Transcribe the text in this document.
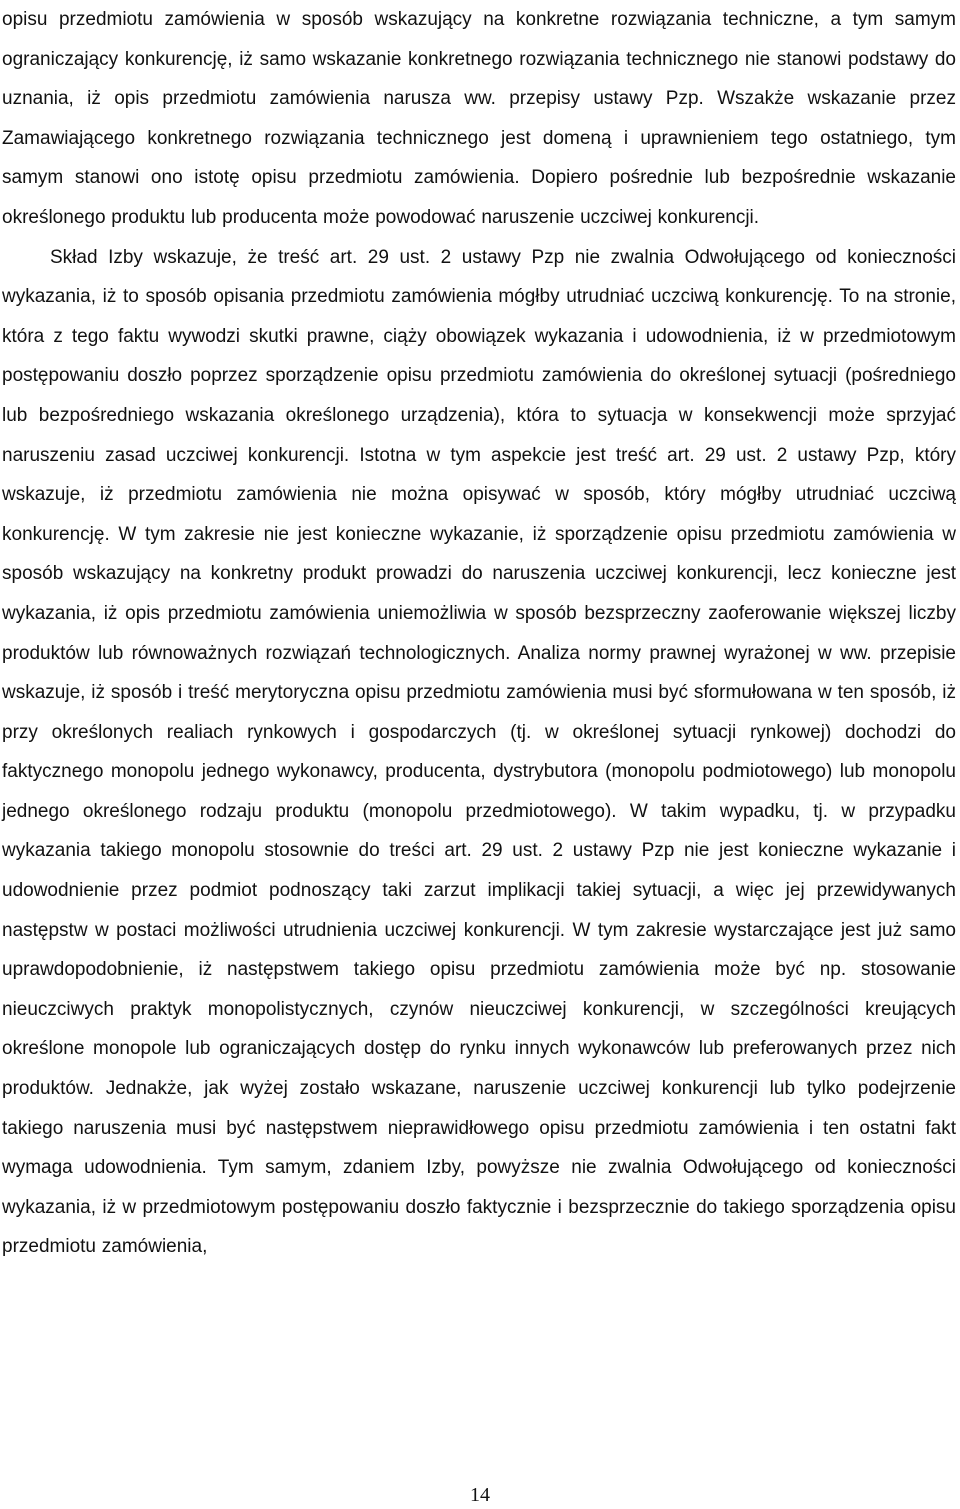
opisu przedmiotu zamówienia w sposób wskazujący na konkretne rozwiązania techniczne, a tym samym ograniczający konkurencję, iż samo wskazanie konkretnego rozwiązania technicznego nie stanowi podstawy do uznania, iż opis przedmiotu zamówienia narusza ww. przepisy ustawy Pzp. Wszakże wskazanie przez Zamawiającego konkretnego rozwiązania technicznego jest domeną i uprawnieniem tego ostatniego, tym samym stanowi ono istotę opisu przedmiotu zamówienia. Dopiero pośrednie lub bezpośrednie wskazanie określonego produktu lub producenta może powodować naruszenie uczciwej konkurencji.

Skład Izby wskazuje, że treść art. 29 ust. 2 ustawy Pzp nie zwalnia Odwołującego od konieczności wykazania, iż to sposób opisania przedmiotu zamówienia mógłby utrudniać uczciwą konkurencję. To na stronie, która z tego faktu wywodzi skutki prawne, ciąży obowiązek wykazania i udowodnienia, iż w przedmiotowym postępowaniu doszło poprzez sporządzenie opisu przedmiotu zamówienia do określonej sytuacji (pośredniego lub bezpośredniego wskazania określonego urządzenia), która to sytuacja w konsekwencji może sprzyjać naruszeniu zasad uczciwej konkurencji. Istotna w tym aspekcie jest treść art. 29 ust. 2 ustawy Pzp, który wskazuje, iż przedmiotu zamówienia nie można opisywać w sposób, który mógłby utrudniać uczciwą konkurencję. W tym zakresie nie jest konieczne wykazanie, iż sporządzenie opisu przedmiotu zamówienia w sposób wskazujący na konkretny produkt prowadzi do naruszenia uczciwej konkurencji, lecz konieczne jest wykazania, iż opis przedmiotu zamówienia uniemożliwia w sposób bezsprzeczny zaoferowanie większej liczby produktów lub równoważnych rozwiązań technologicznych. Analiza normy prawnej wyrażonej w ww. przepisie wskazuje, iż sposób i treść merytoryczna opisu przedmiotu zamówienia musi być sformułowana w ten sposób, iż przy określonych realiach rynkowych i gospodarczych (tj. w określonej sytuacji rynkowej) dochodzi do faktycznego monopolu jednego wykonawcy, producenta, dystrybutora (monopolu podmiotowego) lub monopolu jednego określonego rodzaju produktu (monopolu przedmiotowego). W takim wypadku, tj. w przypadku wykazania takiego monopolu stosownie do treści art. 29 ust. 2 ustawy Pzp nie jest konieczne wykazanie i udowodnienie przez podmiot podnoszący taki zarzut implikacji takiej sytuacji, a więc jej przewidywanych następstw w postaci możliwości utrudnienia uczciwej konkurencji. W tym zakresie wystarczające jest już samo uprawdopodobnienie, iż następstwem takiego opisu przedmiotu zamówienia może być np. stosowanie nieuczciwych praktyk monopolistycznych, czynów nieuczciwej konkurencji, w szczególności kreujących określone monopole lub ograniczających dostęp do rynku innych wykonawców lub preferowanych przez nich produktów. Jednakże, jak wyżej zostało wskazane, naruszenie uczciwej konkurencji lub tylko podejrzenie takiego naruszenia musi być następstwem nieprawidłowego opisu przedmiotu zamówienia i ten ostatni fakt wymaga udowodnienia. Tym samym, zdaniem Izby, powyższe nie zwalnia Odwołującego od konieczności wykazania, iż w przedmiotowym postępowaniu doszło faktycznie i bezsprzecznie do takiego sporządzenia opisu przedmiotu zamówienia,

14
